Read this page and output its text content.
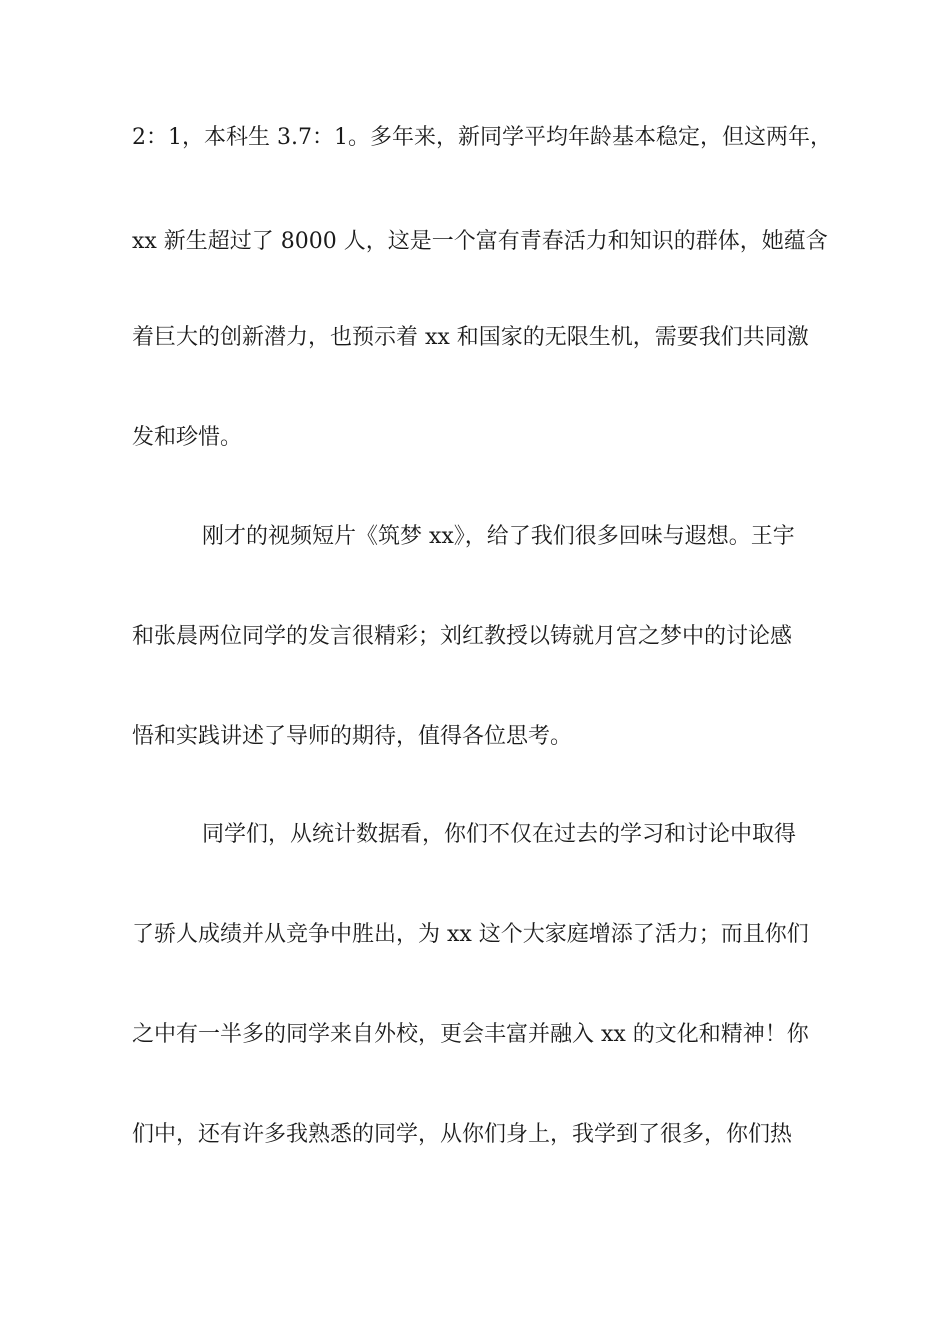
2：1，本科生 3.7：1。多年来，新同学平均年龄基本稳定，但这两年，
xx 新生超过了 8000 人，这是一个富有青春活力和知识的群体，她蕴含
着巨大的创新潜力，也预示着 xx 和国家的无限生机，需要我们共同激
发和珍惜。
刚才的视频短片《筑梦 xx》，给了我们很多回味与遐想。王宇
和张晨两位同学的发言很精彩；刘红教授以铸就月宫之梦中的讨论感
悟和实践讲述了导师的期待，值得各位思考。
同学们，从统计数据看，你们不仅在过去的学习和讨论中取得
了骄人成绩并从竞争中胜出，为 xx 这个大家庭增添了活力；而且你们
之中有一半多的同学来自外校，更会丰富并融入 xx 的文化和精神！你
们中，还有许多我熟悉的同学，从你们身上，我学到了很多，你们热
